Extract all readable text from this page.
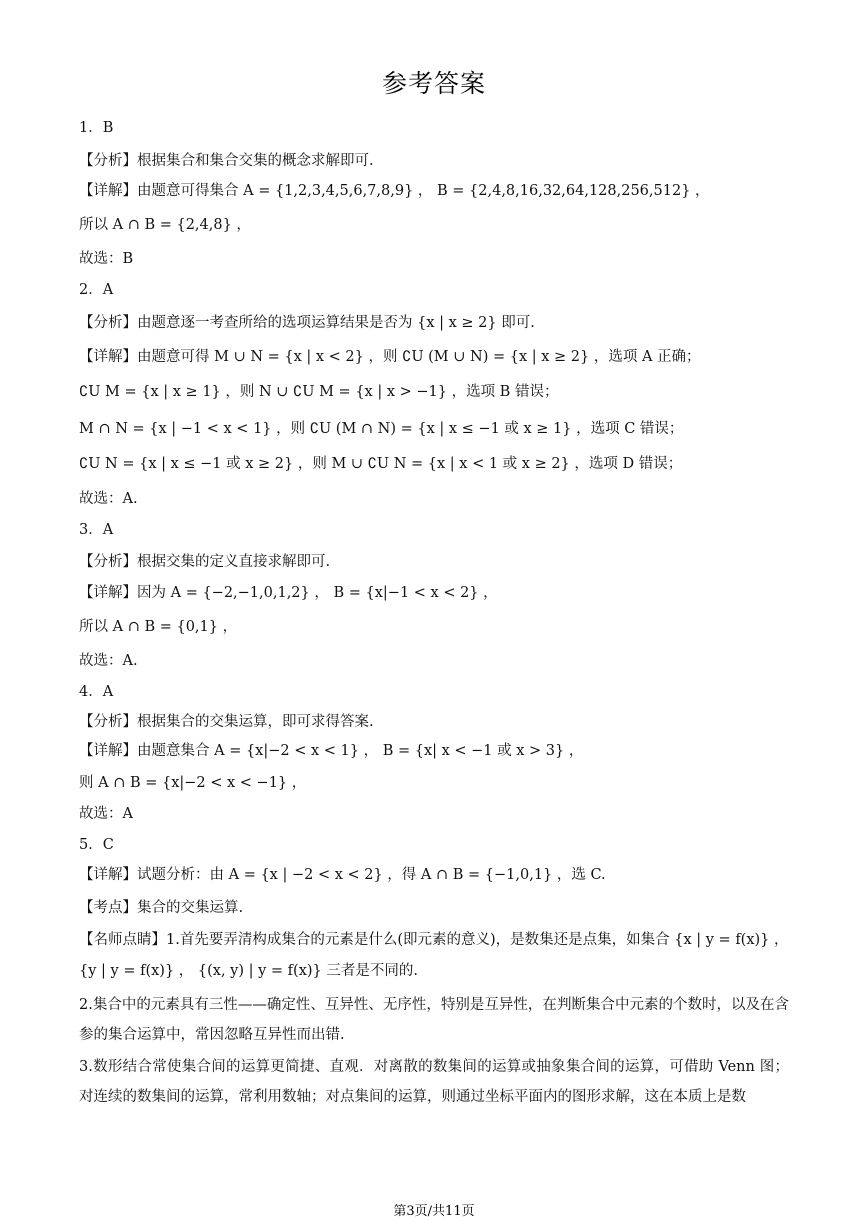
参考答案
1．B
【分析】根据集合和集合交集的概念求解即可.
【详解】由题意可得集合 A = {1,2,3,4,5,6,7,8,9} ， B = {2,4,8,16,32,64,128,256,512} ，
所以 A ∩ B = {2,4,8} ，
故选：B
2．A
【分析】由题意逐一考查所给的选项运算结果是否为 {x | x ≥ 2} 即可.
【详解】由题意可得 M ∪ N = {x | x < 2} ，则 ∁U (M ∪ N) = {x | x ≥ 2} ，选项 A 正确；
∁U M = {x | x ≥ 1} ，则 N ∪ ∁U M = {x | x > −1} ，选项 B 错误；
M ∩ N = {x | −1 < x < 1} ，则 ∁U (M ∩ N) = {x | x ≤ −1 或 x ≥ 1} ，选项 C 错误；
∁U N = {x | x ≤ −1 或 x ≥ 2} ，则 M ∪ ∁U N = {x | x < 1 或 x ≥ 2} ，选项 D 错误；
故选：A.
3．A
【分析】根据交集的定义直接求解即可.
【详解】因为 A = {−2,−1,0,1,2} ， B = {x|−1 < x < 2} ，
所以 A ∩ B = {0,1} ，
故选：A.
4．A
【分析】根据集合的交集运算，即可求得答案.
【详解】由题意集合 A = {x|−2 < x < 1} ， B = {x| x < −1 或 x > 3} ，
则 A ∩ B = {x|−2 < x < −1} ，
故选：A
5．C
【详解】试题分析：由 A = {x | −2 < x < 2} ，得 A ∩ B = {−1,0,1} ，选 C.
【考点】集合的交集运算.
【名师点睛】1.首先要弄清构成集合的元素是什么(即元素的意义)，是数集还是点集，如集合 {x | y = f(x)} ，
{y | y = f(x)} ， {(x, y) | y = f(x)} 三者是不同的.
2.集合中的元素具有三性——确定性、互异性、无序性，特别是互异性，在判断集合中元素的个数时，以及在含参的集合运算中，常因忽略互异性而出错.
3.数形结合常使集合间的运算更简捷、直观．对离散的数集间的运算或抽象集合间的运算，可借助 Venn 图；对连续的数集间的运算，常利用数轴；对点集间的运算，则通过坐标平面内的图形求解，这在本质上是数
第3页/共11页
